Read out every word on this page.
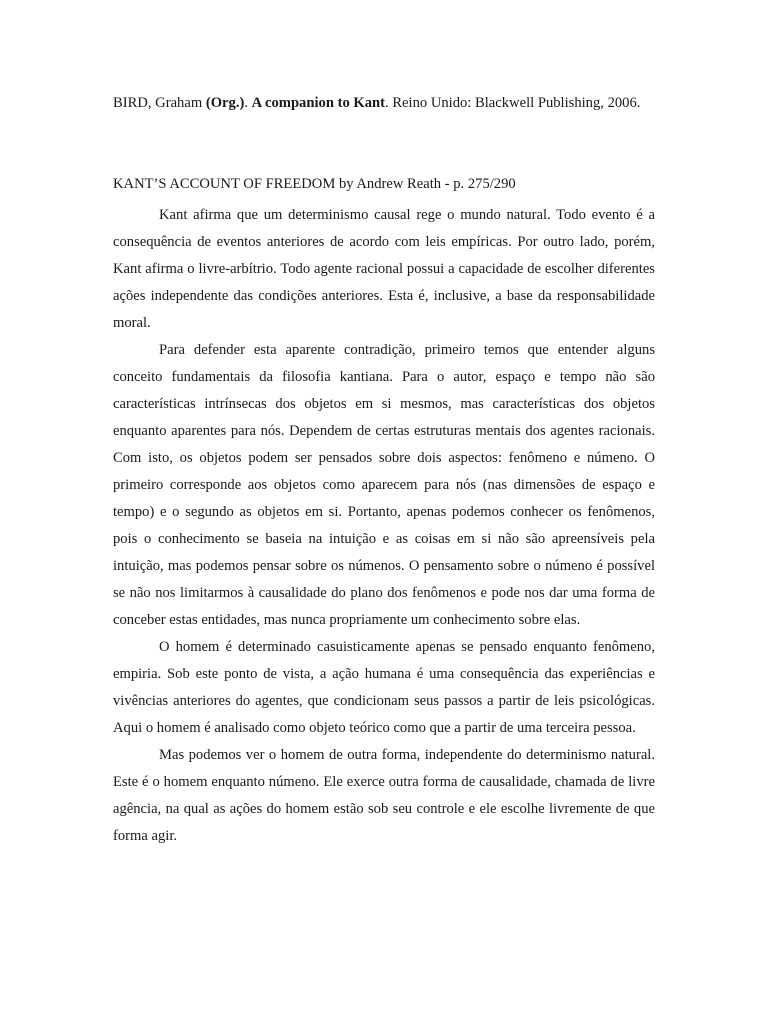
BIRD, Graham (Org.). A companion to Kant. Reino Unido: Blackwell Publishing, 2006.
KANT’S ACCOUNT OF FREEDOM by Andrew Reath - p. 275/290

Kant afirma que um determinismo causal rege o mundo natural. Todo evento é a consequência de eventos anteriores de acordo com leis empíricas. Por outro lado, porém, Kant afirma o livre-arbítrio. Todo agente racional possui a capacidade de escolher diferentes ações independente das condições anteriores. Esta é, inclusive, a base da responsabilidade moral.

Para defender esta aparente contradição, primeiro temos que entender alguns conceito fundamentais da filosofia kantiana. Para o autor, espaço e tempo não são características intrínsecas dos objetos em si mesmos, mas características dos objetos enquanto aparentes para nós. Dependem de certas estruturas mentais dos agentes racionais. Com isto, os objetos podem ser pensados sobre dois aspectos: fenômeno e númeno. O primeiro corresponde aos objetos como aparecem para nós (nas dimensões de espaço e tempo) e o segundo as objetos em si. Portanto, apenas podemos conhecer os fenômenos, pois o conhecimento se baseia na intuição e as coisas em si não são apreensíveis pela intuição, mas podemos pensar sobre os númenos. O pensamento sobre o númeno é possível se não nos limitarmos à causalidade do plano dos fenômenos e pode nos dar uma forma de conceber estas entidades, mas nunca propriamente um conhecimento sobre elas.

O homem é determinado casuisticamente apenas se pensado enquanto fenômeno, empiria. Sob este ponto de vista, a ação humana é uma consequência das experiências e vivências anteriores do agentes, que condicionam seus passos a partir de leis psicológicas. Aqui o homem é analisado como objeto teórico como que a partir de uma terceira pessoa.

Mas podemos ver o homem de outra forma, independente do determinismo natural. Este é o homem enquanto númeno. Ele exerce outra forma de causalidade, chamada de livre agência, na qual as ações do homem estão sob seu controle e ele escolhe livremente de que forma agir.
